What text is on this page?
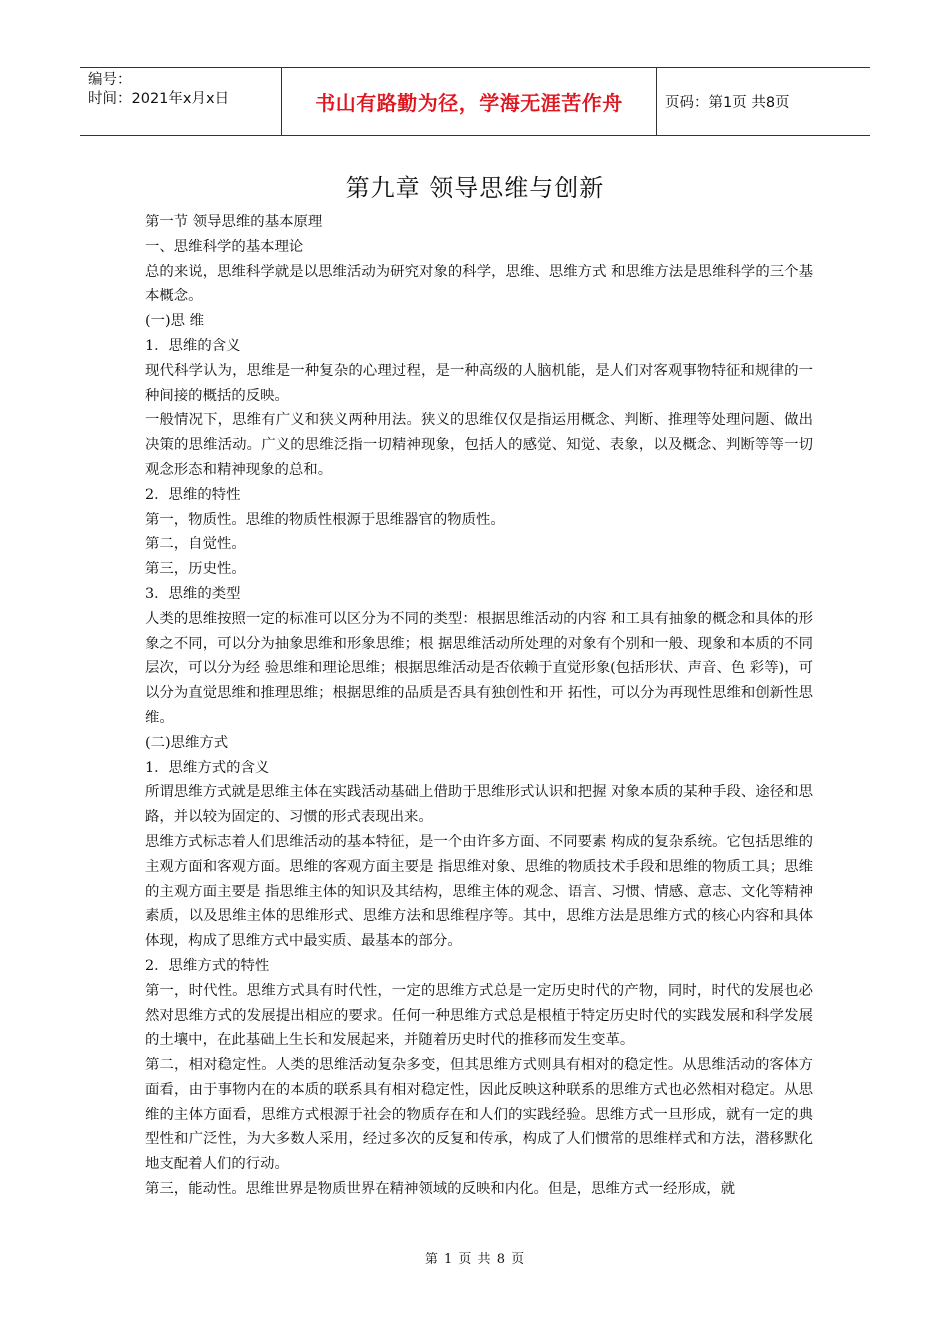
编号：
时间：2021年x月x日	书山有路勤为径，学海无涯苦作舟	页码：第1页 共8页
第九章 领导思维与创新

第一节 领导思维的基本原理

一、思维科学的基本理论

总的来说，思维科学就是以思维活动为研究对象的科学，思维、思维方式 和思维方法是思维科学的三个基本概念。

(一)思 维

1．思维的含义

现代科学认为，思维是一种复杂的心理过程，是一种高级的人脑机能，是人们对客观事物特征和规律的一种间接的概括的反映。

一般情况下，思维有广义和狭义两种用法。狭义的思维仅仅是指运用概念、判断、推理等处理问题、做出决策的思维活动。广义的思维泛指一切精神现象，包括人的感觉、知觉、表象，以及概念、判断等等一切观念形态和精神现象的总和。

2．思维的特性

第一，物质性。思维的物质性根源于思维器官的物质性。

第二，自觉性。

第三，历史性。

3．思维的类型

人类的思维按照一定的标准可以区分为不同的类型：根据思维活动的内容 和工具有抽象的概念和具体的形象之不同，可以分为抽象思维和形象思维；根 据思维活动所处理的对象有个别和一般、现象和本质的不同层次，可以分为经 验思维和理论思维；根据思维活动是否依赖于直觉形象(包括形状、声音、色 彩等)，可以分为直觉思维和推理思维；根据思维的品质是否具有独创性和开 拓性，可以分为再现性思维和创新性思维。

(二)思维方式

1．思维方式的含义

所谓思维方式就是思维主体在实践活动基础上借助于思维形式认识和把握 对象本质的某种手段、途径和思路，并以较为固定的、习惯的形式表现出来。

思维方式标志着人们思维活动的基本特征，是一个由许多方面、不同要素 构成的复杂系统。它包括思维的主观方面和客观方面。思维的客观方面主要是 指思维对象、思维的物质技术手段和思维的物质工具；思维的主观方面主要是 指思维主体的知识及其结构，思维主体的观念、语言、习惯、情感、意志、文化等精神素质，以及思维主体的思维形式、思维方法和思维程序等。其中，思维方法是思维方式的核心内容和具体体现，构成了思维方式中最实质、最基本的部分。

2．思维方式的特性

第一，时代性。思维方式具有时代性，一定的思维方式总是一定历史时代的产物，同时，时代的发展也必然对思维方式的发展提出相应的要求。任何一种思维方式总是根植于特定历史时代的实践发展和科学发展的土壤中，在此基础上生长和发展起来，并随着历史时代的推移而发生变革。

第二，相对稳定性。人类的思维活动复杂多变，但其思维方式则具有相对的稳定性。从思维活动的客体方面看，由于事物内在的本质的联系具有相对稳定性，因此反映这种联系的思维方式也必然相对稳定。从思维的主体方面看，思维方式根源于社会的物质存在和人们的实践经验。思维方式一旦形成，就有一定的典型性和广泛性，为大多数人采用，经过多次的反复和传承，构成了人们惯常的思维样式和方法，潜移默化地支配着人们的行动。

第三，能动性。思维世界是物质世界在精神领域的反映和内化。但是，思维方式一经形成，就

第 1 页 共 8 页
